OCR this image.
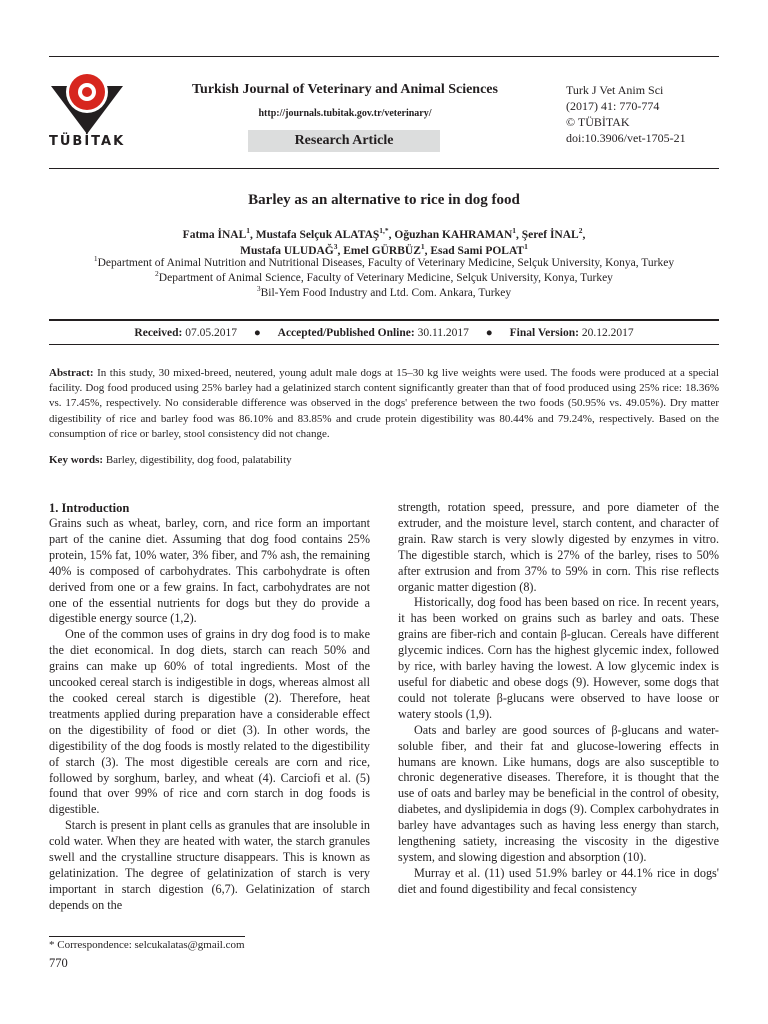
TÜBİTAK
Turkish Journal of Veterinary and Animal Sciences
http://journals.tubitak.gov.tr/veterinary/
Research Article
Turk J Vet Anim Sci
(2017) 41: 770-774
© TÜBİTAK
doi:10.3906/vet-1705-21
Barley as an alternative to rice in dog food
Fatma İNAL$^1$, Mustafa Selçuk $ALATAŞ^{1,*}$, Oğuzhan KAHRAMAN$^1$, Şeref İNAL$^2$,
Mustafa ULUDAĞ$^3$, Emel GÜRBÜZ$^1$, Esad Sami POLAT$^1$
$^1$Department of Animal Nutrition and Nutritional Diseases, Faculty of Veterinary Medicine, Selçuk University, Konya, Turkey
$^2$Department of Animal Science, Faculty of Veterinary Medicine, Selçuk University, Konya, Turkey
$^3$Bil-Yem Food Industry and Ltd. Com. Ankara, Turkey
Received: 07.05.2017 ● Accepted/Published Online: 30.11.2017 ● Final Version: 20.12.2017
Abstract: In this study, 30 mixed-breed, neutered, young adult male dogs at 15–30 kg live weights were used. The foods were produced at a special facility. Dog food produced using 25% barley had a gelatinized starch content significantly greater than that of food produced using 25% rice: 18.36% vs. 17.45%, respectively. No considerable difference was observed in the dogs' preference between the two foods (50.95% vs. 49.05%). Dry matter digestibility of rice and barley food was 86.10% and 83.85% and crude protein digestibility was 80.44% and 79.24%, respectively. Based on the consumption of rice or barley, stool consistency did not change.
Key words: Barley, digestibility, dog food, palatability
1. Introduction

Grains such as wheat, barley, corn, and rice form an important part of the canine diet. Assuming that dog food contains 25% protein, 15% fat, 10% water, 3% fiber, and 7% ash, the remaining 40% is composed of carbohydrates. This carbohydrate is often derived from one or a few grains. In fact, carbohydrates are not one of the essential nutrients for dogs but they do provide a digestible energy source (1,2).

One of the common uses of grains in dry dog food is to make the diet economical. In dog diets, starch can reach 50% and grains can make up 60% of total ingredients. Most of the uncooked cereal starch is indigestible in dogs, whereas almost all the cooked cereal starch is digestible (2). Therefore, heat treatments applied during preparation have a considerable effect on the digestibility of food or diet (3). In other words, the digestibility of the dog foods is mostly related to the digestibility of starch (3). The most digestible cereals are corn and rice, followed by sorghum, barley, and wheat (4). Carciofi et al. (5) found that over 99% of rice and corn starch in dog foods is digestible.

Starch is present in plant cells as granules that are insoluble in cold water. When they are heated with water, the starch granules swell and the crystalline structure disappears. This is known as gelatinization. The degree of gelatinization of starch is very important in starch digestion (6,7). Gelatinization of starch depends on the

strength, rotation speed, pressure, and pore diameter of the extruder, and the moisture level, starch content, and character of grain. Raw starch is very slowly digested by enzymes in vitro. The digestible starch, which is 27% of the barley, rises to 50% after extrusion and from 37% to 59% in corn. This rise reflects organic matter digestion (8).

Historically, dog food has been based on rice. In recent years, it has been worked on grains such as barley and oats. These grains are fiber-rich and contain β-glucan. Cereals have different glycemic indices. Corn has the highest glycemic index, followed by rice, with barley having the lowest. A low glycemic index is useful for diabetic and obese dogs (9). However, some dogs that could not tolerate β-glucans were observed to have loose or watery stools (1,9).

Oats and barley are good sources of β-glucans and water-soluble fiber, and their fat and glucose-lowering effects in humans are known. Like humans, dogs are also susceptible to chronic degenerative diseases. Therefore, it is thought that the use of oats and barley may be beneficial in the control of obesity, diabetes, and dyslipidemia in dogs (9). Complex carbohydrates in barley have advantages such as having less energy than starch, lengthening satiety, increasing the viscosity in the digestive system, and slowing digestion and absorption (10).

Murray et al. (11) used 51.9% barley or 44.1% rice in dogs' diet and found digestibility and fecal consistency

* Correspondence: selcukalatas@gmail.com
770
